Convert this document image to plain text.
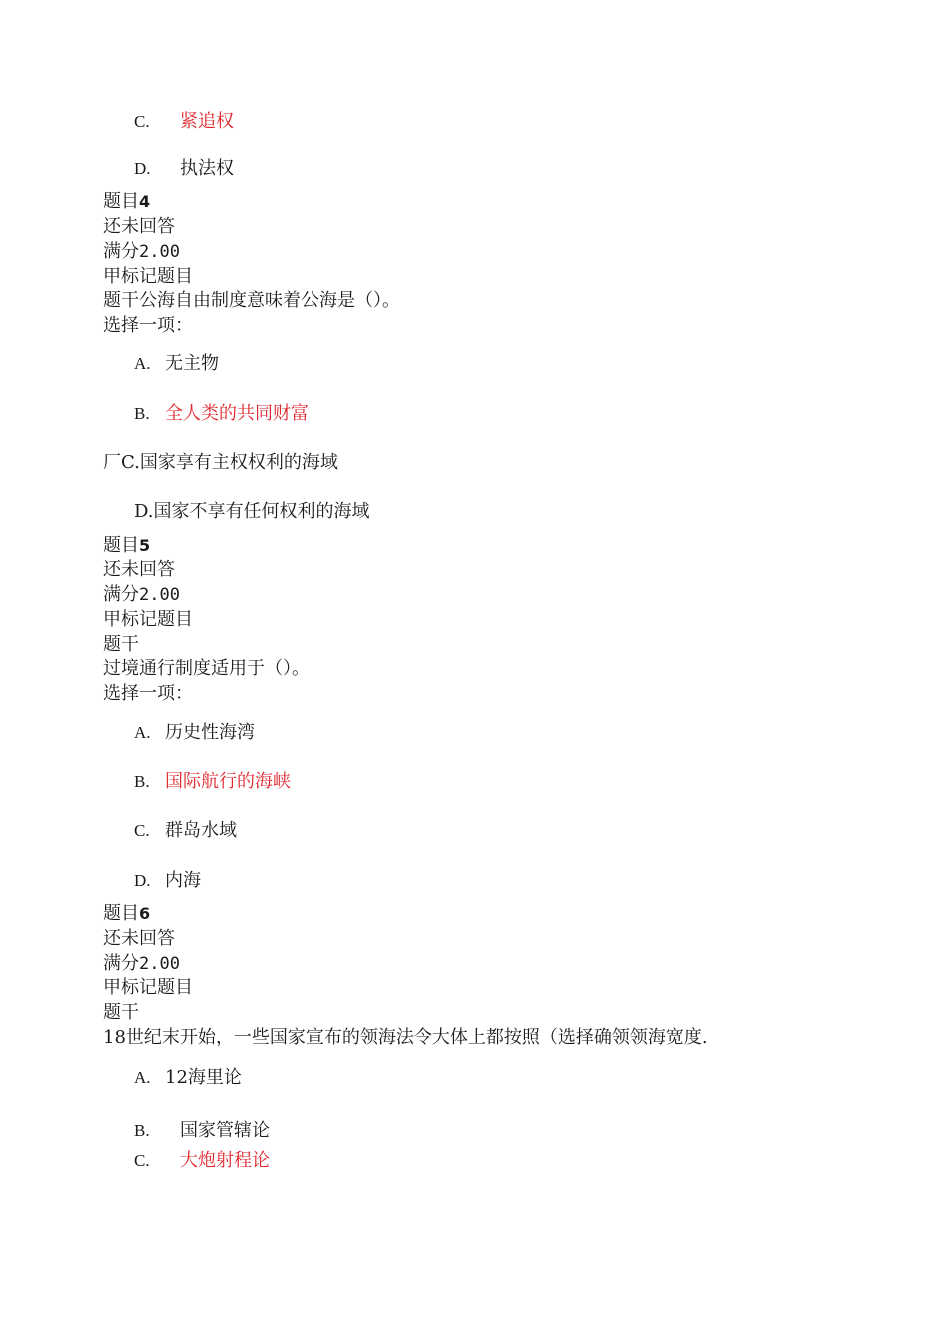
C. 紧追权
D. 执法权
题目4
还未回答
满分2.00
甲标记题目
题干公海自由制度意味着公海是（）。
选择一项：
A. 无主物
B. 全人类的共同财富
厂C.国家享有主权权利的海域
D.国家不享有任何权利的海域
题目5
还未回答
满分2.00
甲标记题目
题干
过境通行制度适用于（）。
选择一项：
A. 历史性海湾
B. 国际航行的海峡
C. 群岛水域
D. 内海
题目6
还未回答
满分2.00
甲标记题目
题干
18世纪末开始，一些国家宣布的领海法令大体上都按照（选择确领领海宽度.
A. 12海里论
B. 国家管辖论
C. 大炮射程论
